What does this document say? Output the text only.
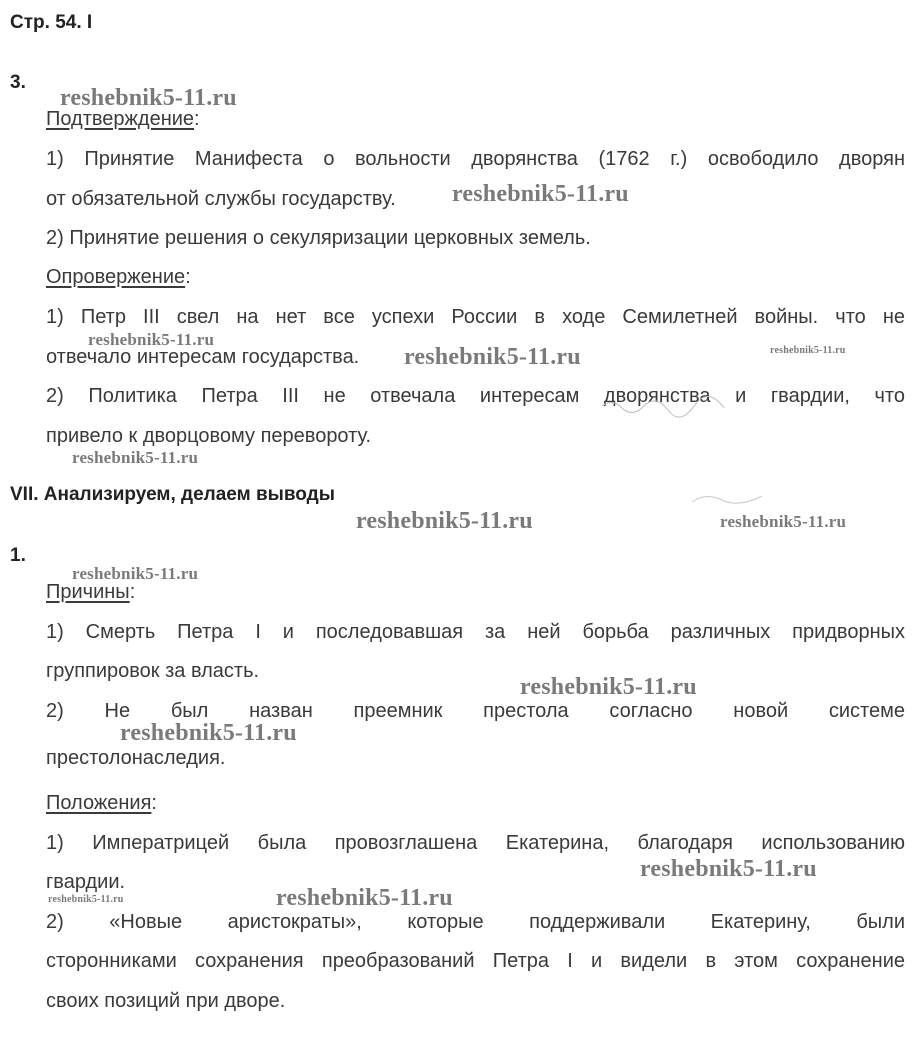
Стр. 54. I
3.
Подтверждение:
1) Принятие Манифеста о вольности дворянства (1762 г.) освободило дворян
от обязательной службы государству.
2) Принятие решения о секуляризации церковных земель.
Опровержение:
1) Петр III свел на нет все успехи России в ходе Семилетней войны. что не
отвечало интересам государства.
2) Политика Петра III не отвечала интересам дворянства и гвардии, что
привело к дворцовому перевороту.
VII. Анализируем, делаем выводы
1.
Причины:
1) Смерть Петра I и последовавшая за ней борьба различных придворных
группировок за власть.
2) Не был назван преемник престола согласно новой системе
престолонаследия.
Положения:
1) Императрицей была провозглашена Екатерина, благодаря использованию
гвардии.
2) «Новые аристократы», которые поддерживали Екатерину, были
сторонниками сохранения преобразований Петра I и видели в этом сохранение
своих позиций при дворе.
reshebnik5-11.ru
reshebnik5-11.ru
reshebnik5-11.ru
reshebnik5-11.ru	reshebnik5-11.ru
reshebnik5-11.ru
reshebnik5-11.ru	reshebnik5-11.ru
reshebnik5-11.ru
reshebnik5-11.ru
reshebnik5-11.ru
reshebnik5-11.ru
reshebnik5-11.ru
reshebnik5-11.ru
